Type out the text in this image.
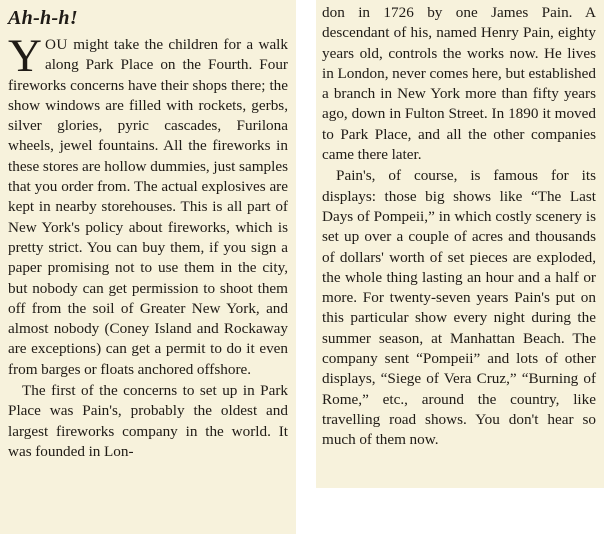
Ah-h-h!

YOU might take the children for a walk along Park Place on the Fourth. Four fireworks concerns have their shops there; the show windows are filled with rockets, gerbs, silver glories, pyric cascades, Furilona wheels, jewel fountains. All the fireworks in these stores are hollow dummies, just samples that you order from. The actual explosives are kept in nearby storehouses. This is all part of New York's policy about fireworks, which is pretty strict. You can buy them, if you sign a paper promising not to use them in the city, but nobody can get permission to shoot them off from the soil of Greater New York, and almost nobody (Coney Island and Rockaway are exceptions) can get a permit to do it even from barges or floats anchored offshore.

The first of the concerns to set up in Park Place was Pain's, probably the oldest and largest fireworks company in the world. It was founded in Lon-

don in 1726 by one James Pain. A descendant of his, named Henry Pain, eighty years old, controls the works now. He lives in London, never comes here, but established a branch in New York more than fifty years ago, down in Fulton Street. In 1890 it moved to Park Place, and all the other companies came there later.

Pain's, of course, is famous for its displays: those big shows like “The Last Days of Pompeii,” in which costly scenery is set up over a couple of acres and thousands of dollars' worth of set pieces are exploded, the whole thing lasting an hour and a half or more. For twenty-seven years Pain's put on this particular show every night during the summer season, at Manhattan Beach. The company sent “Pompeii” and lots of other displays, “Siege of Vera Cruz,” “Burning of Rome,” etc., around the country, like travelling road shows. You don't hear so much of them now.
